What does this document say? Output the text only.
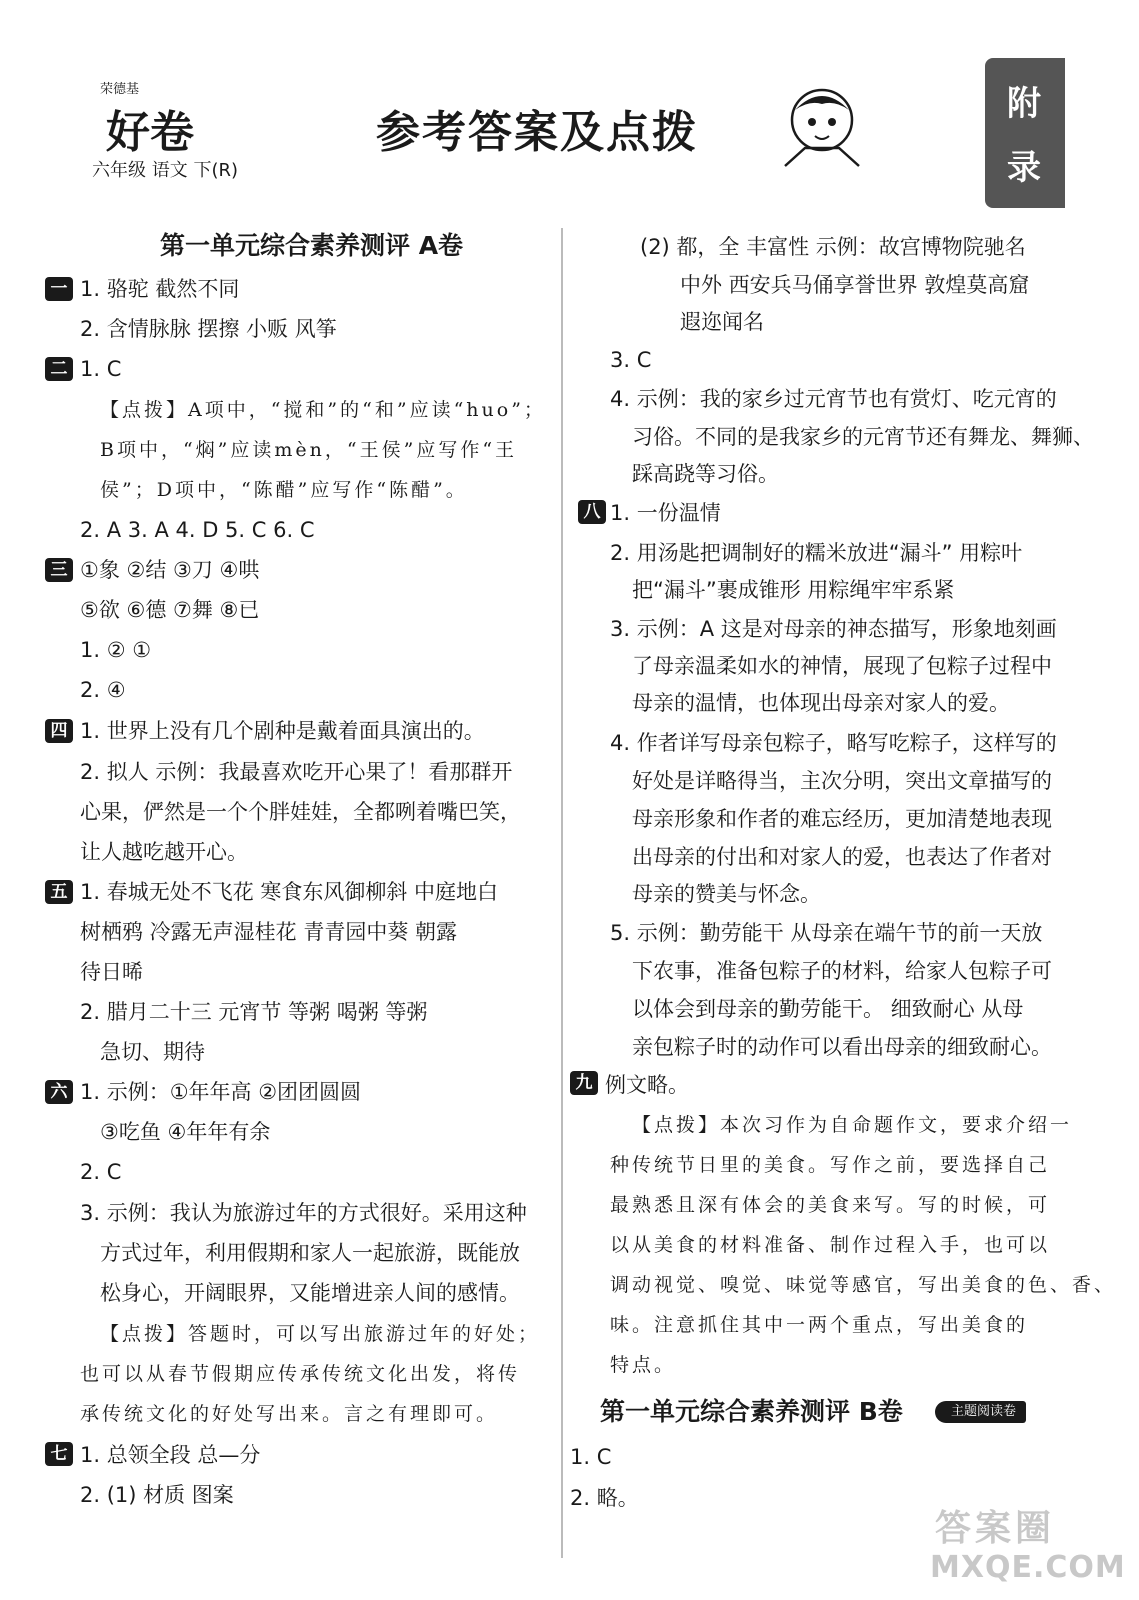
荣德基
好卷
六年级 语文 下(R)
参考答案及点拨
附
录
第一单元综合素养测评 A卷
一
二
三
四
五
六
七
1. 骆驼 截然不同
2. 含情脉脉 摆擦 小贩 风筝
1. C
【点拨】A项中，“搅和”的“和”应读“huo”；
B项中，“焖”应读mèn，“王侯”应写作“王
侯”；D项中，“陈醋”应写作“陈醋”。
2. A 3. A 4. D 5. C 6. C
①象 ②结 ③刀 ④哄
⑤欲 ⑥德 ⑦舞 ⑧已
1. ② ①
2. ④
1. 世界上没有几个剧种是戴着面具演出的。
2. 拟人 示例：我最喜欢吃开心果了！看那群开
心果，俨然是一个个胖娃娃，全都咧着嘴巴笑，
让人越吃越开心。
1. 春城无处不飞花 寒食东风御柳斜 中庭地白
树栖鸦 冷露无声湿桂花 青青园中葵 朝露
待日晞
2. 腊月二十三 元宵节 等粥 喝粥 等粥
急切、期待
1. 示例：①年年高 ②团团圆圆
③吃鱼 ④年年有余
2. C
3. 示例：我认为旅游过年的方式很好。采用这种
方式过年，利用假期和家人一起旅游，既能放
松身心，开阔眼界，又能增进亲人间的感情。
【点拨】答题时，可以写出旅游过年的好处；
也可以从春节假期应传承传统文化出发，将传
承传统文化的好处写出来。言之有理即可。
1. 总领全段 总—分
2. (1) 材质 图案
八
九
(2) 都，全 丰富性 示例：故宫博物院驰名
中外 西安兵马俑享誉世界 敦煌莫高窟
遐迩闻名
3. C
4. 示例：我的家乡过元宵节也有赏灯、吃元宵的
习俗。不同的是我家乡的元宵节还有舞龙、舞狮、
踩高跷等习俗。
1. 一份温情
2. 用汤匙把调制好的糯米放进“漏斗” 用粽叶
把“漏斗”裹成锥形 用粽绳牢牢系紧
3. 示例：A 这是对母亲的神态描写，形象地刻画
了母亲温柔如水的神情，展现了包粽子过程中
母亲的温情，也体现出母亲对家人的爱。
4. 作者详写母亲包粽子，略写吃粽子，这样写的
好处是详略得当，主次分明，突出文章描写的
母亲形象和作者的难忘经历，更加清楚地表现
出母亲的付出和对家人的爱，也表达了作者对
母亲的赞美与怀念。
5. 示例：勤劳能干 从母亲在端午节的前一天放
下农事，准备包粽子的材料，给家人包粽子可
以体会到母亲的勤劳能干。 细致耐心 从母
亲包粽子时的动作可以看出母亲的细致耐心。
例文略。
【点拨】本次习作为自命题作文，要求介绍一
种传统节日里的美食。写作之前，要选择自己
最熟悉且深有体会的美食来写。写的时候，可
以从美食的材料准备、制作过程入手，也可以
调动视觉、嗅觉、味觉等感官，写出美食的色、香、
味。注意抓住其中一两个重点，写出美食的
特点。
第一单元综合素养测评 B卷	主题阅读卷
1. C
2. 略。
答案圈
MXQE.COM
